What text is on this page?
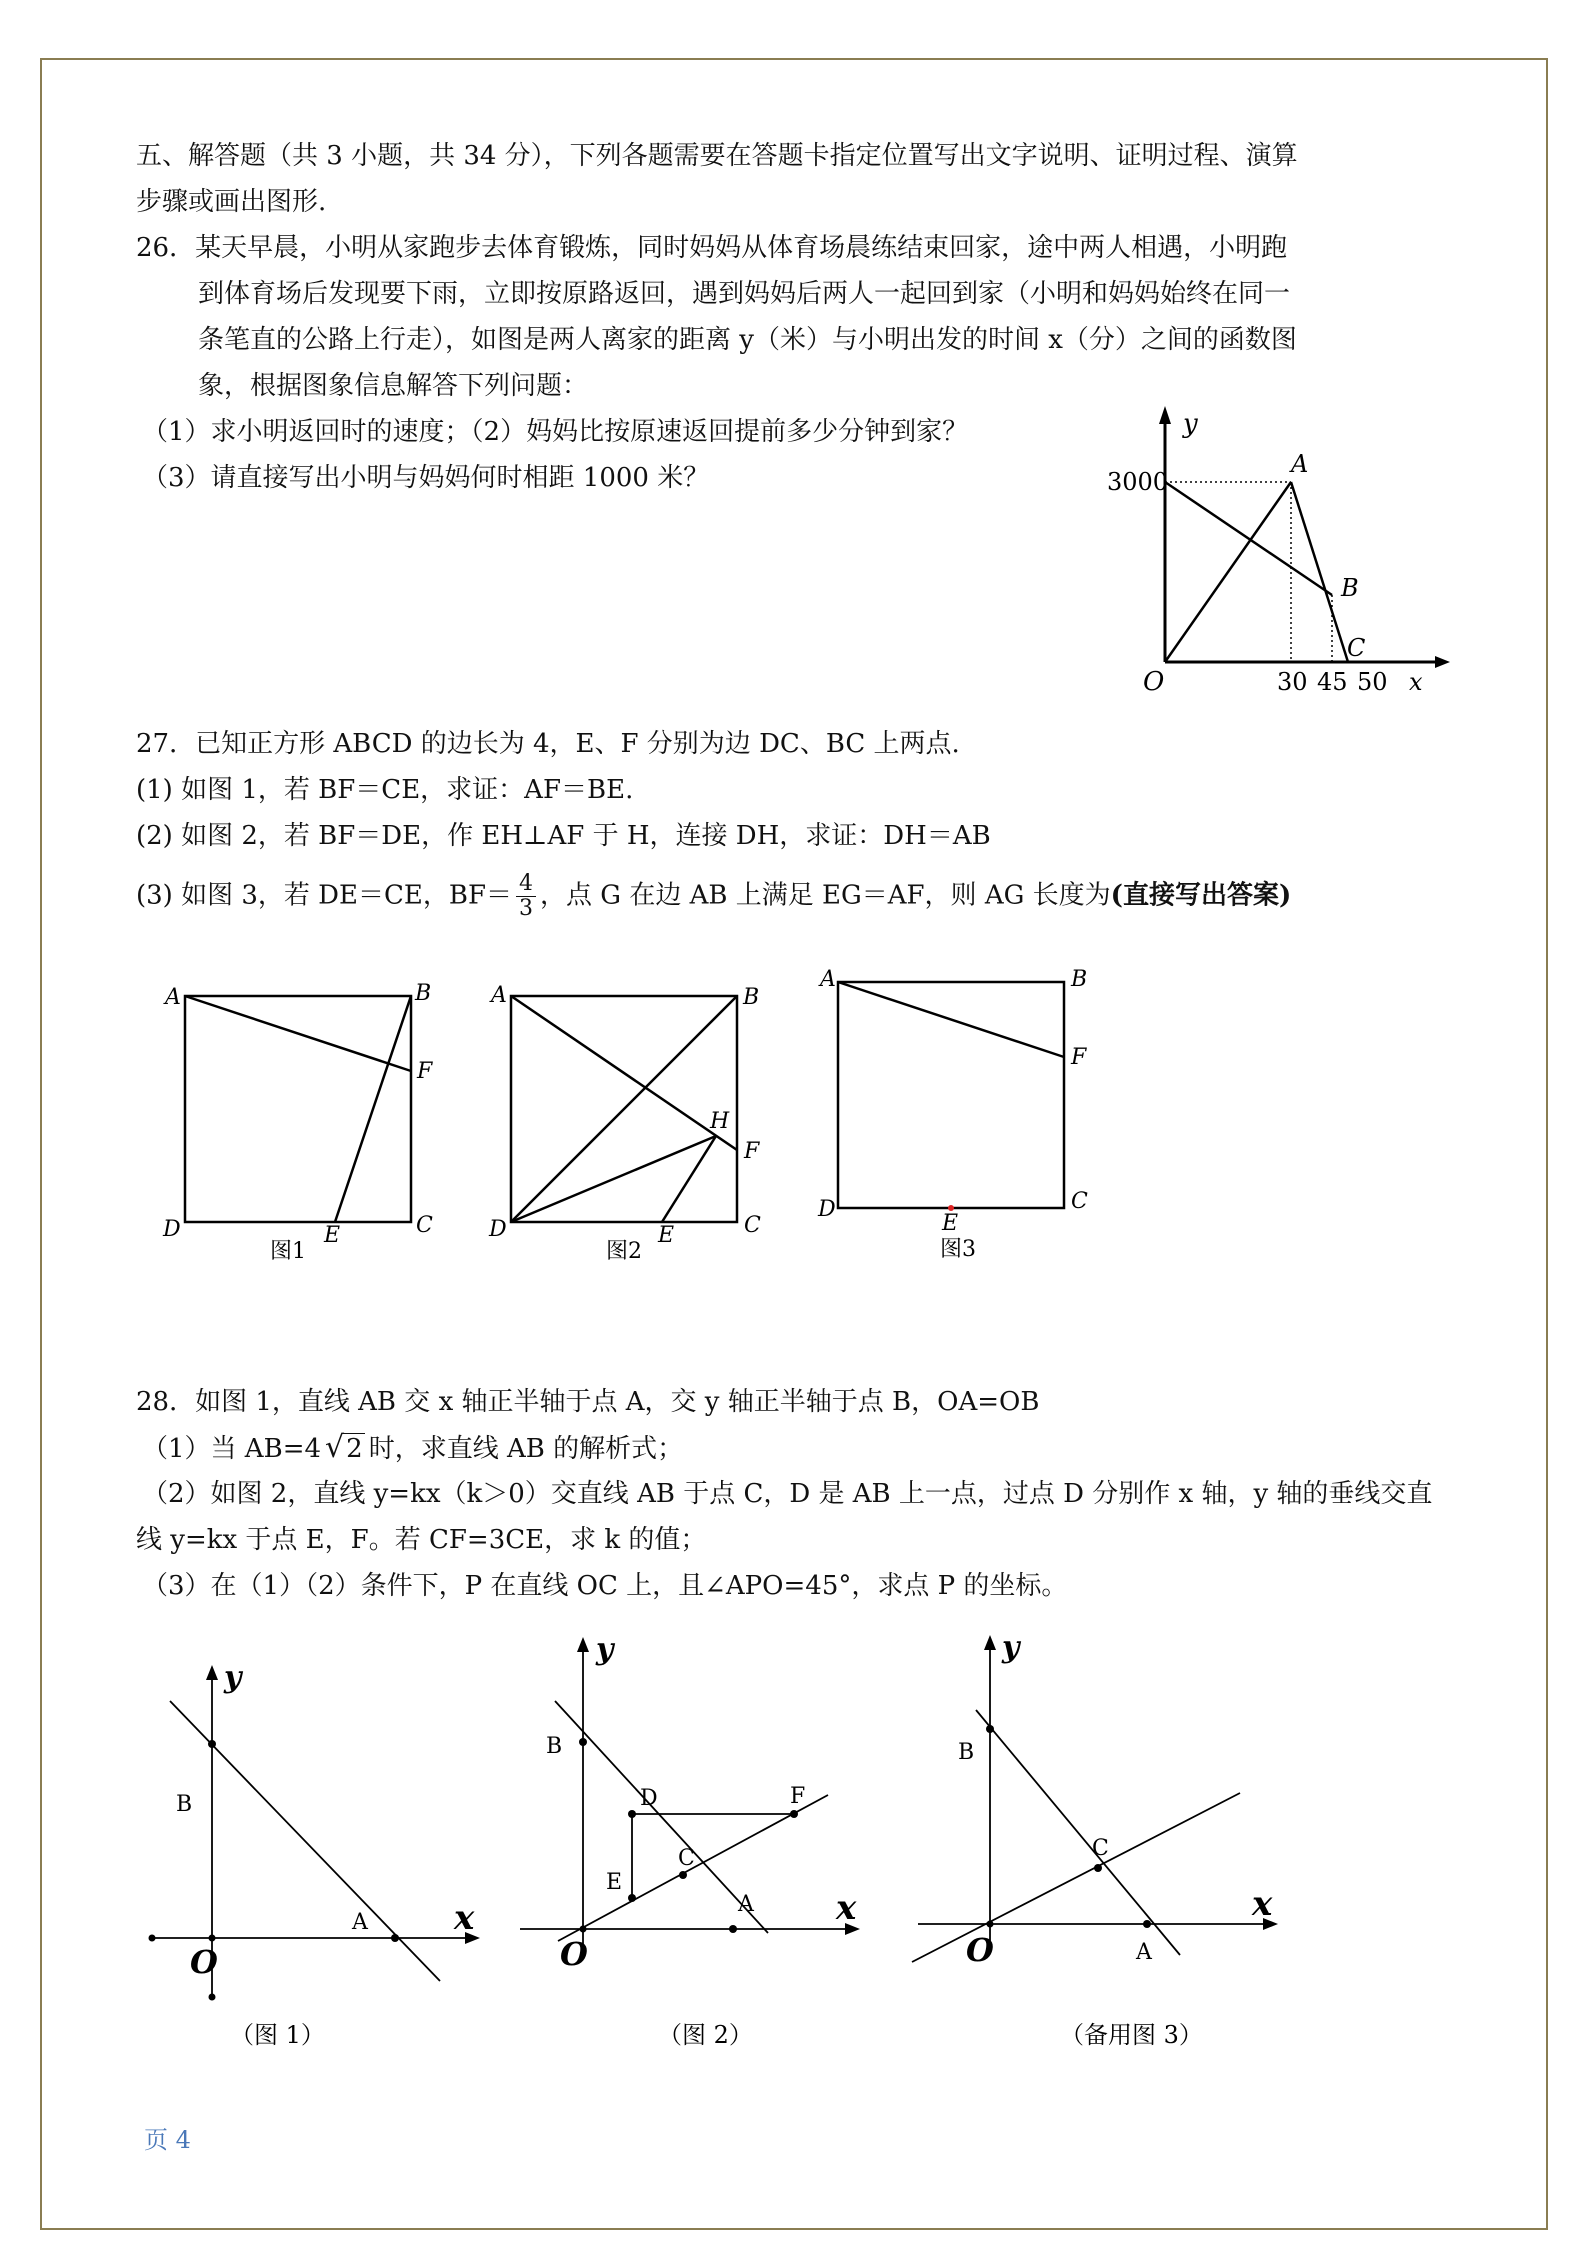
五、解答题（共 3 小题，共 34 分），下列各题需要在答题卡指定位置写出文字说明、证明过程、演算
步骤或画出图形.
26．某天早晨，小明从家跑步去体育锻炼，同时妈妈从体育场晨练结束回家，途中两人相遇，小明跑
到体育场后发现要下雨，立即按原路返回，遇到妈妈后两人一起回到家（小明和妈妈始终在同一
条笔直的公路上行走），如图是两人离家的距离 y（米）与小明出发的时间 x（分）之间的函数图
象，根据图象信息解答下列问题：
（1）求小明返回时的速度；（2）妈妈比按原速返回提前多少分钟到家？
（3）请直接写出小明与妈妈何时相距 1000 米？
y
x
O
3000
30 45 50
A
B
C
27．已知正方形 ABCD 的边长为 4，E、F 分别为边 DC、BC 上两点.
(1) 如图 1，若 BF＝CE，求证：AF＝BE.
(2) 如图 2，若 BF＝DE，作 EH⊥AF 于 H，连接 DH，求证：DH＝AB
(3) 如图 3，若 DE＝CE，$BF= \frac{4}{3}$ ，点 G 在边 AB 上满足 EG＝AF，则 AG 长度为(直接写出答案)
A	B
F
D	E	C
图1
A	B
H
F
D	E	C
图2
A	B
F
D
E
C
图3
28．如图 1，直线 AB 交 x 轴正半轴于点 A，交 y 轴正半轴于点 B，OA=OB
（1）当 AB=4 √2 时，求直线 AB 的解析式；
（2）如图 2，直线 y=kx（k＞0）交直线 AB 于点 C，D 是 AB 上一点，过点 D 分别作 x 轴，y 轴的垂线交直
线 y=kx 于点 E，F。若 CF=3CE，求 k 的值；
（3）在（1）（2）条件下，P 在直线 OC 上，且∠APO=45°，求点 P 的坐标。
y
x
O
B
A
（图 1）
y
x
O
B
D	F
E
C
A
（图 2）
y
x
O
B
C
A
（备用图 3）
页 4
